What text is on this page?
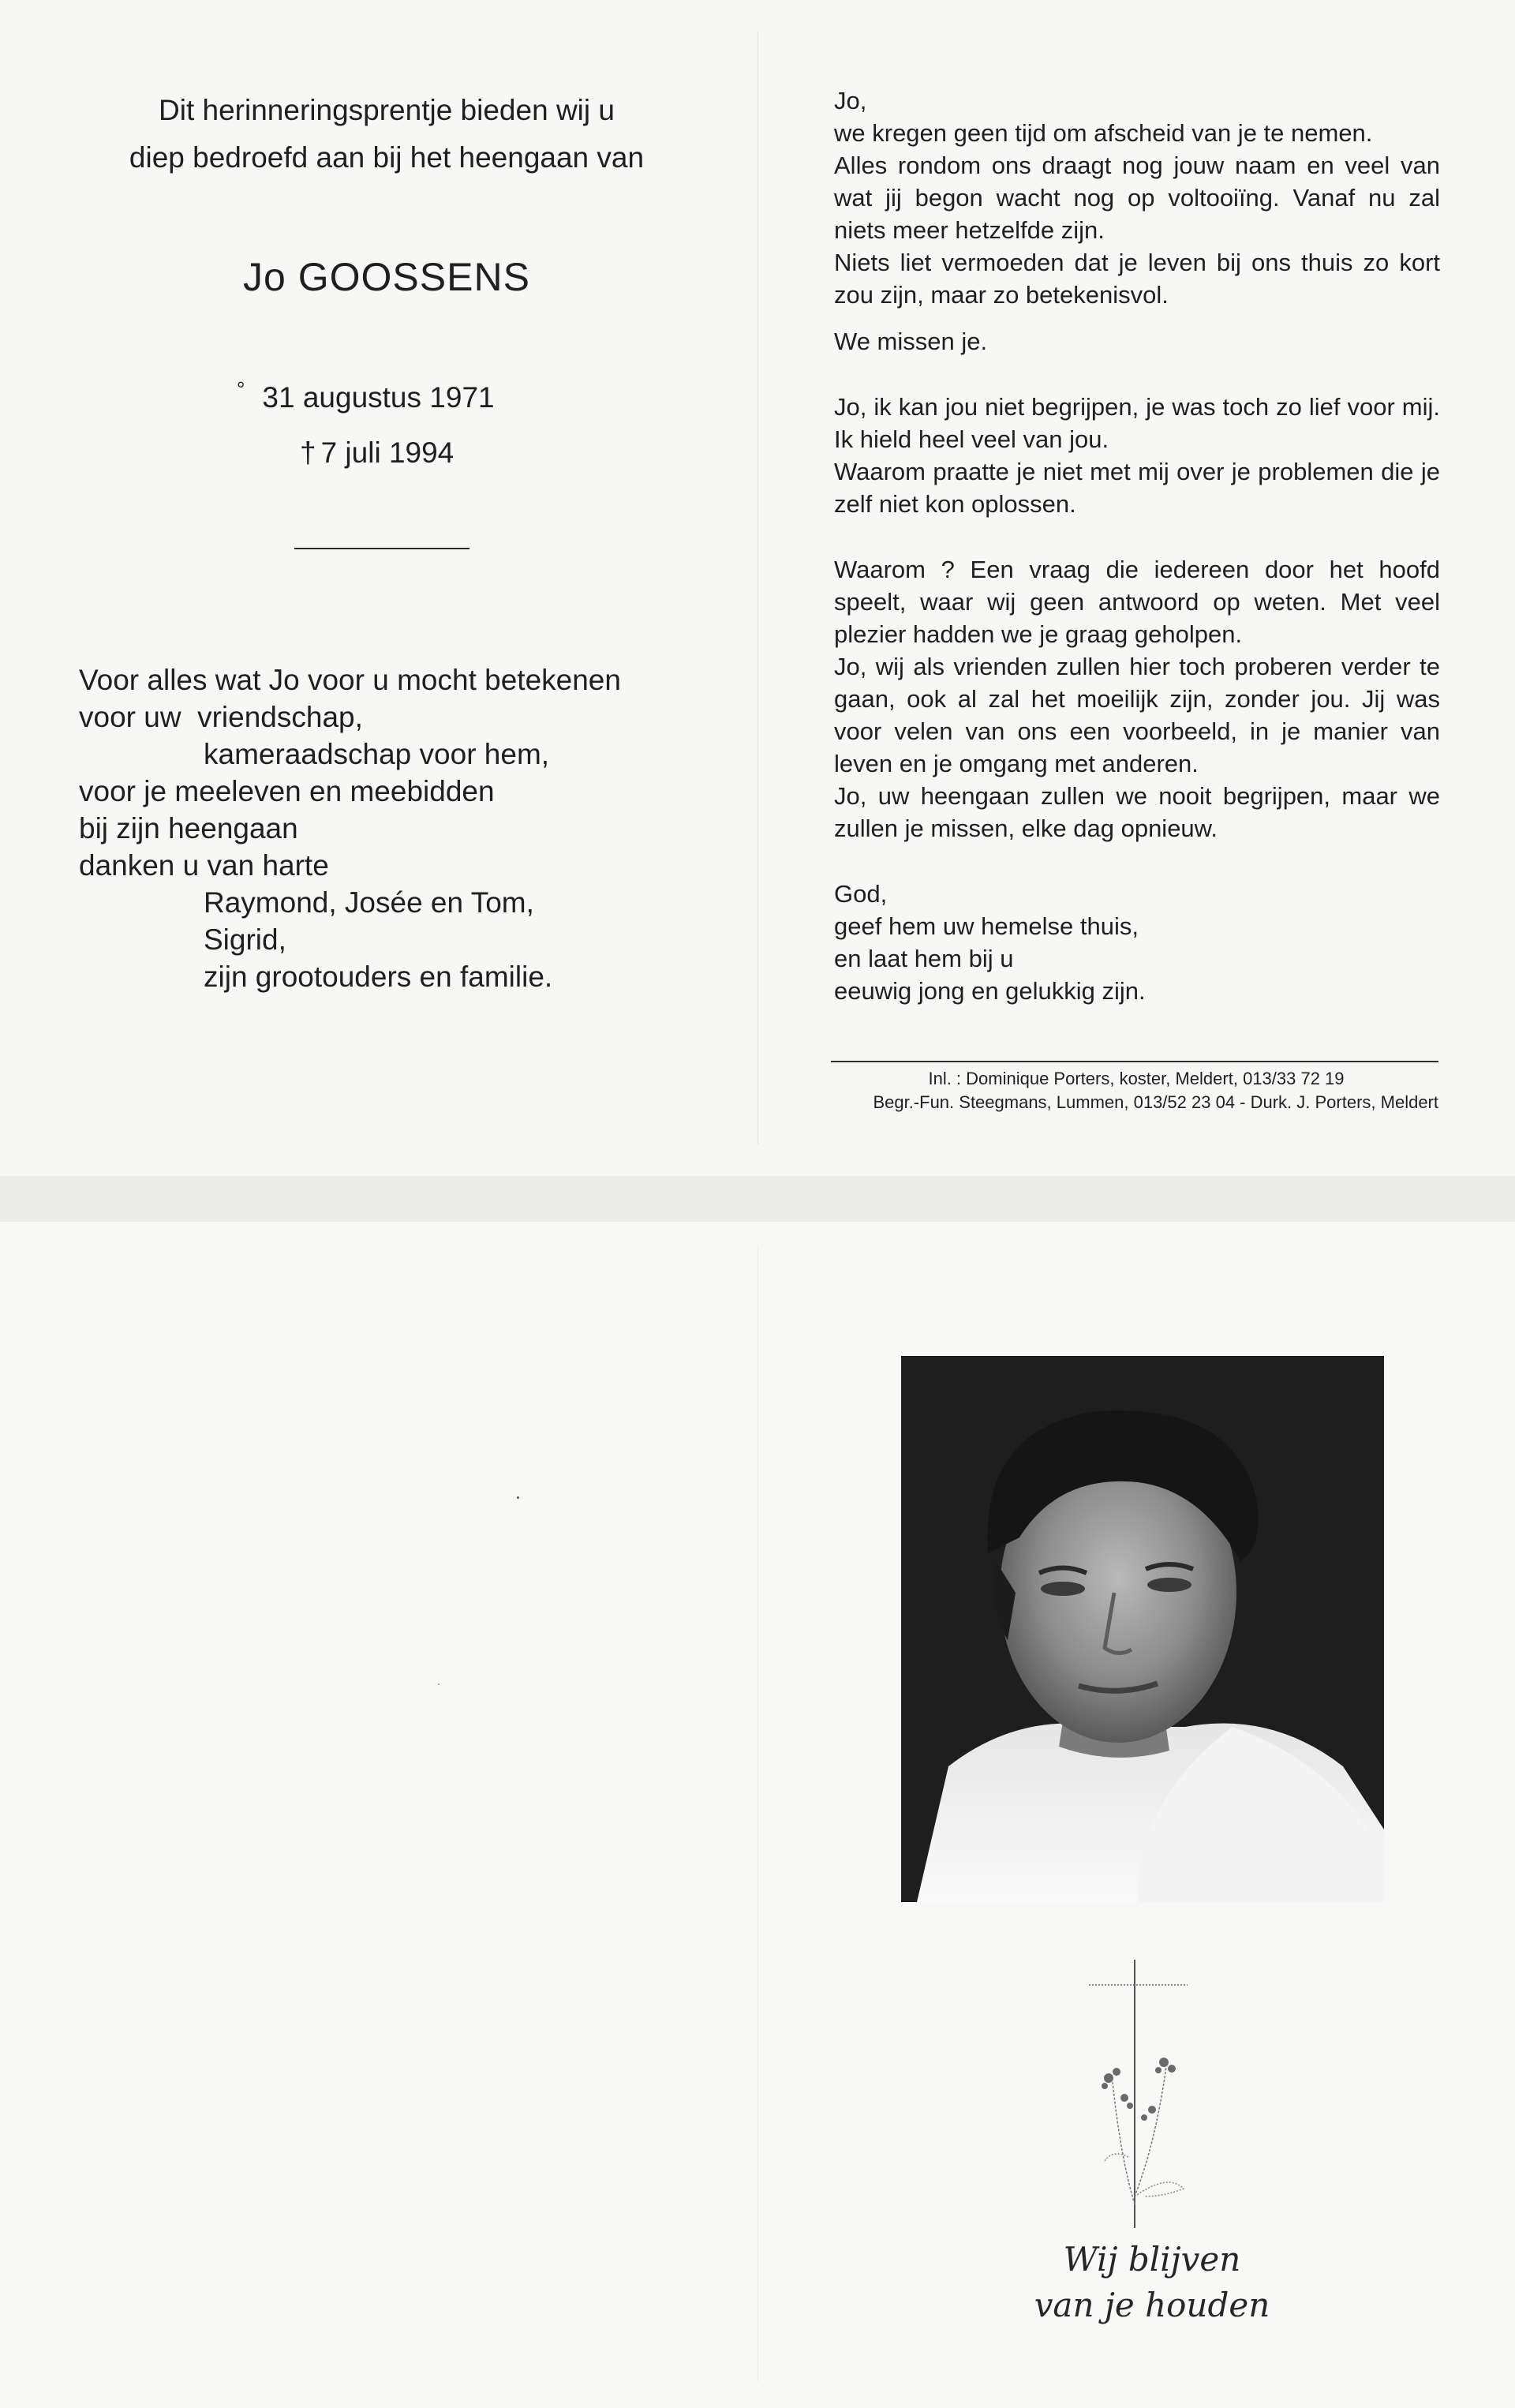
Dit herinneringsprentje bieden wij u
diep bedroefd aan bij het heengaan van
Jo GOOSSENS
° 31 augustus 1971
† 7 juli 1994
Voor alles wat Jo voor u mocht betekenen
voor uw  vriendschap,
kameraadschap voor hem,
voor je meeleven en meebidden
bij zijn heengaan
danken u van harte
Raymond, Josée en Tom,
Sigrid,
zijn grootouders en familie.

Jo,
we kregen geen tijd om afscheid van je te nemen.
Alles rondom ons draagt nog jouw naam en veel van wat jij begon wacht nog op voltooiïng. Vanaf nu zal niets meer hetzelfde zijn.
Niets liet vermoeden dat je leven bij ons thuis zo kort zou zijn, maar zo betekenisvol.

We missen je.

Jo, ik kan jou niet begrijpen, je was toch zo lief voor mij. Ik hield heel veel van jou.
Waarom praatte je niet met mij over je problemen die je zelf niet kon oplossen.

Waarom ? Een vraag die iedereen door het hoofd speelt, waar wij geen antwoord op weten. Met veel plezier hadden we je graag geholpen.
Jo, wij als vrienden zullen hier toch proberen verder te gaan, ook al zal het moeilijk zijn, zonder jou. Jij was voor velen van ons een voorbeeld, in je manier van leven en je omgang met anderen.
Jo, uw heengaan zullen we nooit begrijpen, maar we zullen je missen, elke dag opnieuw.

God,
geef hem uw hemelse thuis,
en laat hem bij u
eeuwig jong en gelukkig zijn.

Inl. : Dominique Porters, koster, Meldert, 013/33 72 19
Begr.-Fun. Steegmans, Lummen, 013/52 23 04 - Durk. J. Porters, Meldert
Wij blijven
van je houden
